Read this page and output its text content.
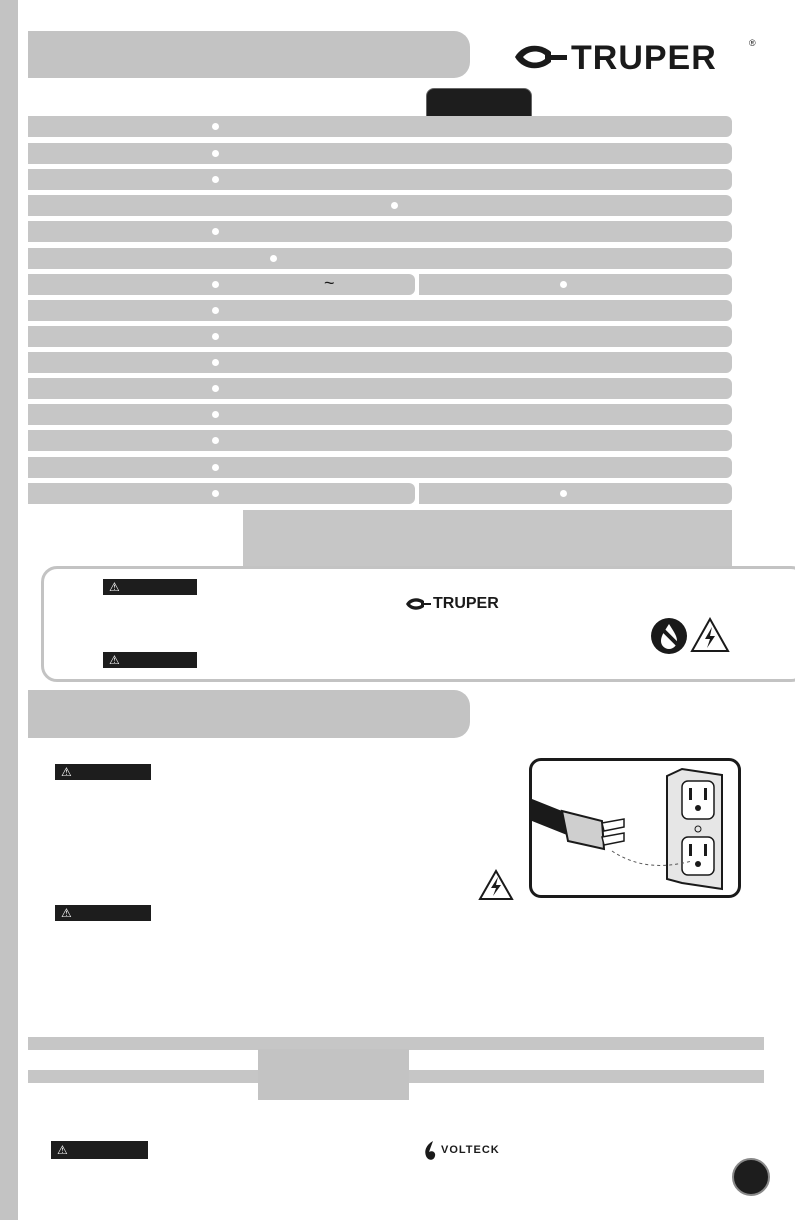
TRUPER	®
~
⚠
⚠
TRUPER
⚠
⚠
⚠	VOLTECK
